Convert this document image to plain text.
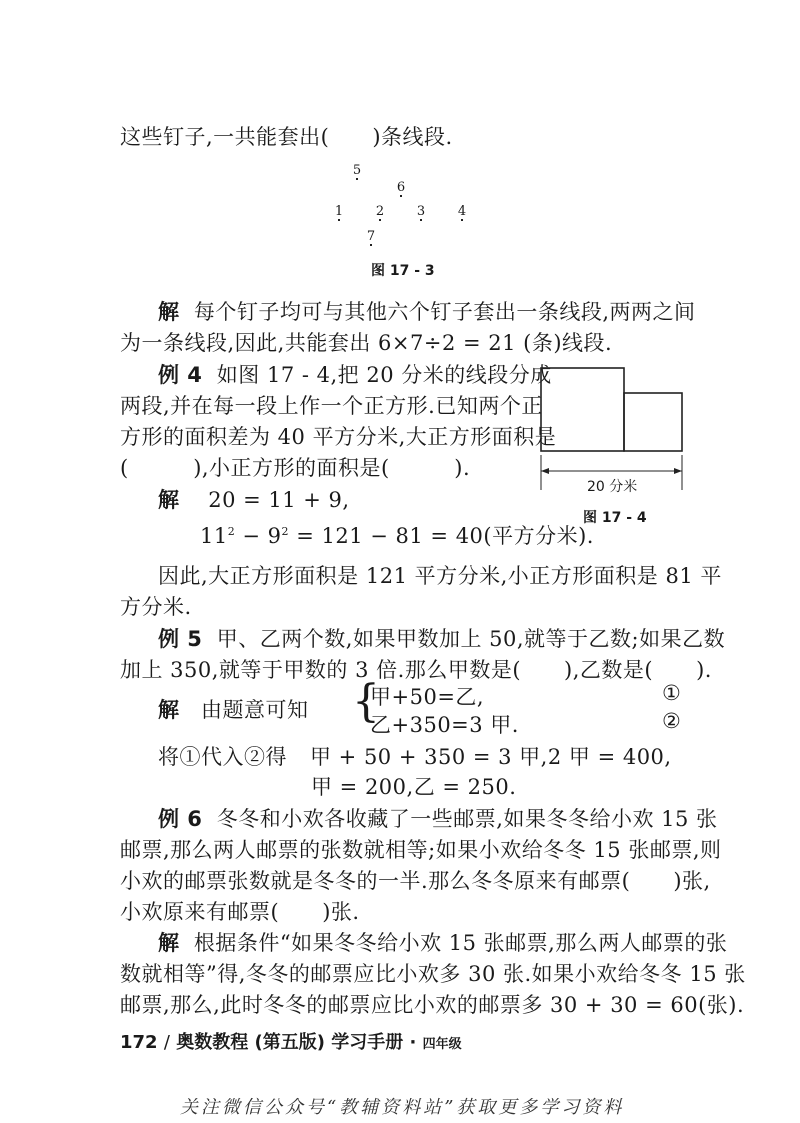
这些钉子,一共能套出(　　)条线段.
5
6
1	2	3	4
7
图 17 - 3
解 每个钉子均可与其他六个钉子套出一条线段,两两之间
为一条线段,因此,共能套出 6×7÷2 = 21 (条)线段.
例 4 如图 17 - 4,把 20 分米的线段分成
两段,并在每一段上作一个正方形.已知两个正
方形的面积差为 40 平方分米,大正方形面积是
(　　　),小正方形的面积是(　　　).
解 20 = 11 + 9,
$11^2 - 9^2 = 121 - 81 = 40$(平方分米).
20 分米
图 17 - 4
因此,大正方形面积是 121 平方分米,小正方形面积是 81 平
方分米.
例 5 甲、乙两个数,如果甲数加上 50,就等于乙数;如果乙数
加上 350,就等于甲数的 3 倍.那么甲数是(　　),乙数是(　　).
解 由题意可知 {
甲+50=乙,
乙+350=3 甲.
①
②
将①代入②得 甲 + 50 + 350 = 3 甲,2 甲 = 400,
甲 = 200,乙 = 250.
例 6 冬冬和小欢各收藏了一些邮票,如果冬冬给小欢 15 张
邮票,那么两人邮票的张数就相等;如果小欢给冬冬 15 张邮票,则
小欢的邮票张数就是冬冬的一半.那么冬冬原来有邮票(　　)张,
小欢原来有邮票(　　)张.
解 根据条件“如果冬冬给小欢 15 张邮票,那么两人邮票的张
数就相等”得,冬冬的邮票应比小欢多 30 张.如果小欢给冬冬 15 张
邮票,那么,此时冬冬的邮票应比小欢的邮票多 30 + 30 = 60(张).
172 / 奥数教程 (第五版) 学习手册 · 四年级
关注微信公众号“教辅资料站”获取更多学习资料
